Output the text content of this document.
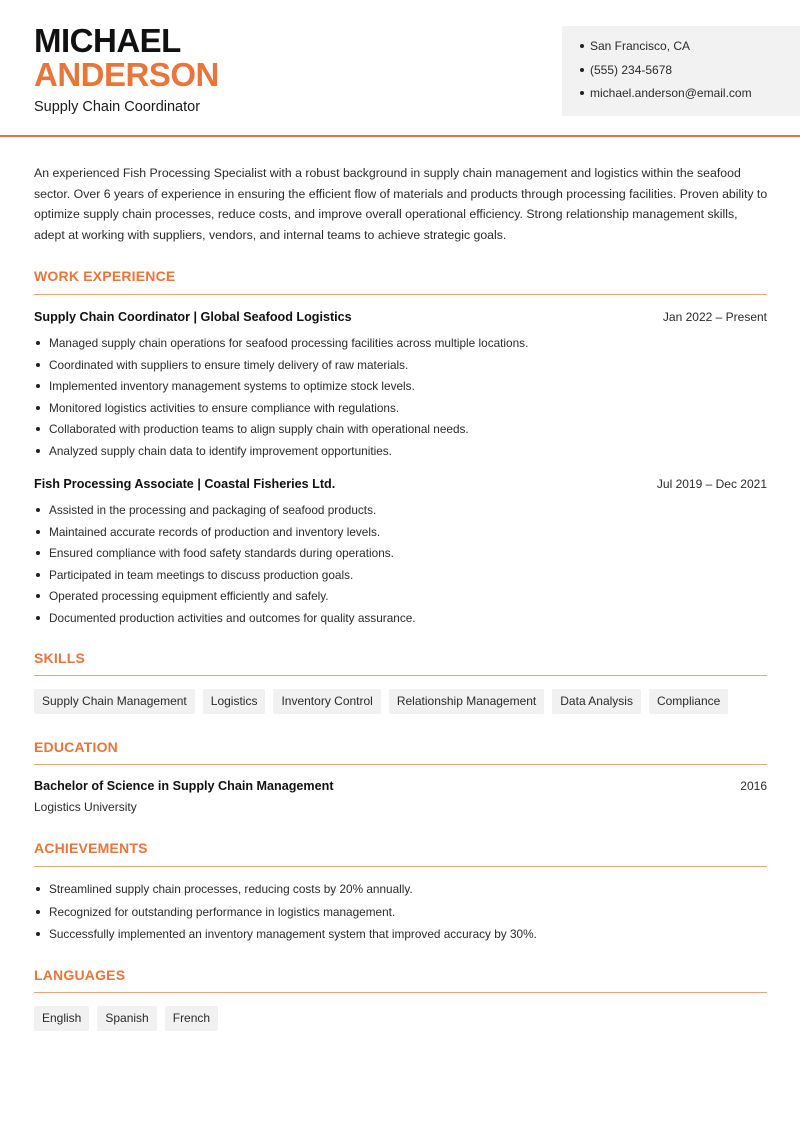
MICHAEL
ANDERSON
Supply Chain Coordinator
San Francisco, CA
(555) 234-5678
michael.anderson@email.com

An experienced Fish Processing Specialist with a robust background in supply chain management and logistics within the seafood sector. Over 6 years of experience in ensuring the efficient flow of materials and products through processing facilities. Proven ability to optimize supply chain processes, reduce costs, and improve overall operational efficiency. Strong relationship management skills, adept at working with suppliers, vendors, and internal teams to achieve strategic goals.

WORK EXPERIENCE
Supply Chain Coordinator | Global Seafood Logistics	Jan 2022 – Present
Managed supply chain operations for seafood processing facilities across multiple locations.
Coordinated with suppliers to ensure timely delivery of raw materials.
Implemented inventory management systems to optimize stock levels.
Monitored logistics activities to ensure compliance with regulations.
Collaborated with production teams to align supply chain with operational needs.
Analyzed supply chain data to identify improvement opportunities.
Fish Processing Associate | Coastal Fisheries Ltd.	Jul 2019 – Dec 2021
Assisted in the processing and packaging of seafood products.
Maintained accurate records of production and inventory levels.
Ensured compliance with food safety standards during operations.
Participated in team meetings to discuss production goals.
Operated processing equipment efficiently and safely.
Documented production activities and outcomes for quality assurance.
SKILLS
Supply Chain Management	Logistics	Inventory Control	Relationship Management	Data Analysis	Compliance
EDUCATION
Bachelor of Science in Supply Chain Management	2016
Logistics University
ACHIEVEMENTS
Streamlined supply chain processes, reducing costs by 20% annually.
Recognized for outstanding performance in logistics management.
Successfully implemented an inventory management system that improved accuracy by 30%.
LANGUAGES
English	Spanish	French
